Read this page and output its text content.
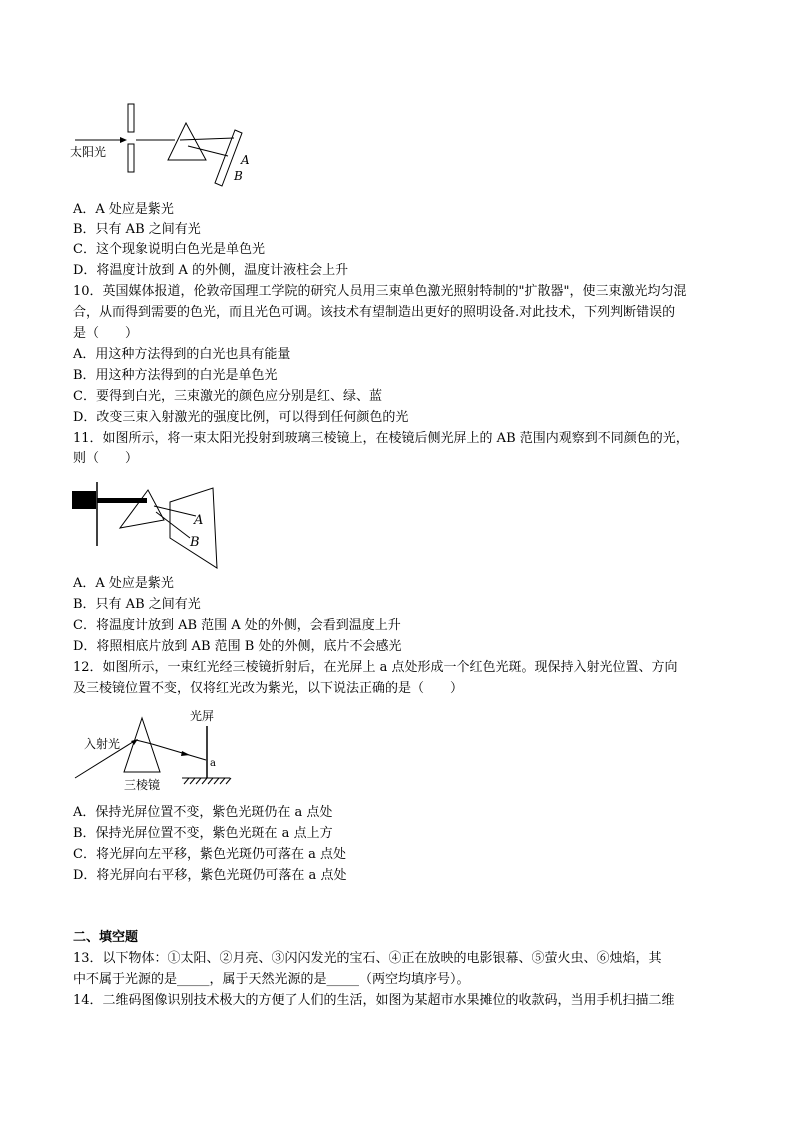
太阳光
A
B
A．A 处应是紫光
B．只有 AB 之间有光
C．这个现象说明白色光是单色光
D．将温度计放到 A 的外侧，温度计液柱会上升
10．英国媒体报道，伦敦帝国理工学院的研究人员用三束单色激光照射特制的"扩散器"，使三束激光均匀混
合，从而得到需要的色光，而且光色可调。该技术有望制造出更好的照明设备.对此技术，下列判断错误的
是（　　）
A．用这种方法得到的白光也具有能量
B．用这种方法得到的白光是单色光
C．要得到白光，三束激光的颜色应分别是红、绿、蓝
D．改变三束入射激光的强度比例，可以得到任何颜色的光
11．如图所示，将一束太阳光投射到玻璃三棱镜上，在棱镜后侧光屏上的 AB 范围内观察到不同颜色的光，
则（　　）
A
B
A．A 处应是紫光
B．只有 AB 之间有光
C．将温度计放到 AB 范围 A 处的外侧，会看到温度上升
D．将照相底片放到 AB 范围 B 处的外侧，底片不会感光
12．如图所示，一束红光经三棱镜折射后，在光屏上 a 点处形成一个红色光斑。现保持入射光位置、方向
及三棱镜位置不变，仅将红光改为紫光，以下说法正确的是（　　）
光屏
入射光
三棱镜
a
A．保持光屏位置不变，紫色光斑仍在 a 点处
B．保持光屏位置不变，紫色光斑在 a 点上方
C．将光屏向左平移，紫色光斑仍可落在 a 点处
D．将光屏向右平移，紫色光斑仍可落在 a 点处
二、填空题
13．以下物体：①太阳、②月亮、③闪闪发光的宝石、④正在放映的电影银幕、⑤萤火虫、⑥烛焰，其
中不属于光源的是_____，属于天然光源的是_____（两空均填序号）。
14．二维码图像识别技术极大的方便了人们的生活，如图为某超市水果摊位的收款码，当用手机扫描二维
